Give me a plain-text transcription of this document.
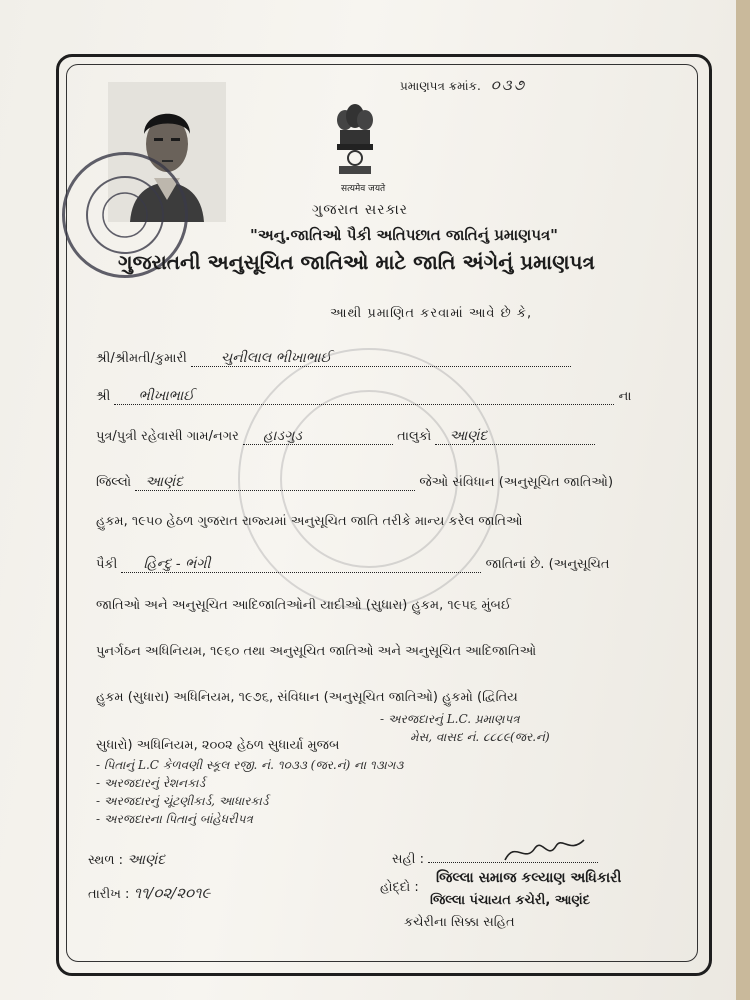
પ્રમાણપત્ર ક્રમાંક. ૦૩૭
सत्यमेव जयते
ગુજરાત સરકાર
"અનુ.જાતિઓ પૈકી અતિપછાત જાતિનું પ્રમાણપત્ર"
ગુજરાતની અનુસૂચિત જાતિઓ માટે જાતિ અંગેનું પ્રમાણપત્ર
આથી પ્રમાણિત કરવામાં આવે છે કે,
શ્રી/શ્રીમતી/કુમારી ચુનીલાલ ભીખાભાઈ
શ્રી ભીખાભાઈ	ના
પુત્ર/પુત્રી રહેવાસી ગામ/નગર હાડગુડ	તાલુકો આણંદ
જિલ્લો આણંદ	જેઓ સંવિધાન (અનુસૂચિત જાતિઓ)
હુકમ, ૧૯૫૦ હેઠળ ગુજરાત રાજ્યમાં અનુસૂચિત જાતિ તરીકે માન્ય કરેલ જાતિઓ
પૈકી હિન્દુ - ભંગી	જાતિનાં છે. (અનુસૂચિત
જાતિઓ અને અનુસૂચિત આદિજાતિઓની યાદીઓ (સુધારા) હુકમ, ૧૯૫૬ મુંબઈ
પુનર્ગઠન અધિનિયમ, ૧૯૬૦ તથા અનુસૂચિત જાતિઓ અને અનુસૂચિત આદિજાતિઓ
હુકમ (સુધારા) અધિનિયમ, ૧૯૭૬, સંવિધાન (અનુસૂચિત જાતિઓ) હુકમો (દ્વિતિય
સુધારો) અધિનિયમ, ૨૦૦૨ હેઠળ સુધાર્યા મુજબ
- અરજદારનું L.C. પ્રમાણપત્ર
મેસ, વાસદ નં. ૮૮૮૯(જર.નં)
- પિતાનું L.C કેળવણી સ્કૂલ રજી. નં. ૧૦૩૩ (જર.નં) ના ૧૩ાગ૩
- અરજદારનું રેશનકાર્ડ
- અરજદારનું ચૂંટણીકાર્ડ, આધારકાર્ડ
- અરજદારના પિતાનું બાંહેધરીપત્ર
સ્થળ : આણંદ
તારીખ : ૧૧/૦૨/૨૦૧૯
સહી :
હોદ્દો :
જિલ્લા સમાજ કલ્યાણ અધિકારી
જિલ્લા પંચાયત કચેરી, આણંદ
કચેરીના સિક્કા સહિત
